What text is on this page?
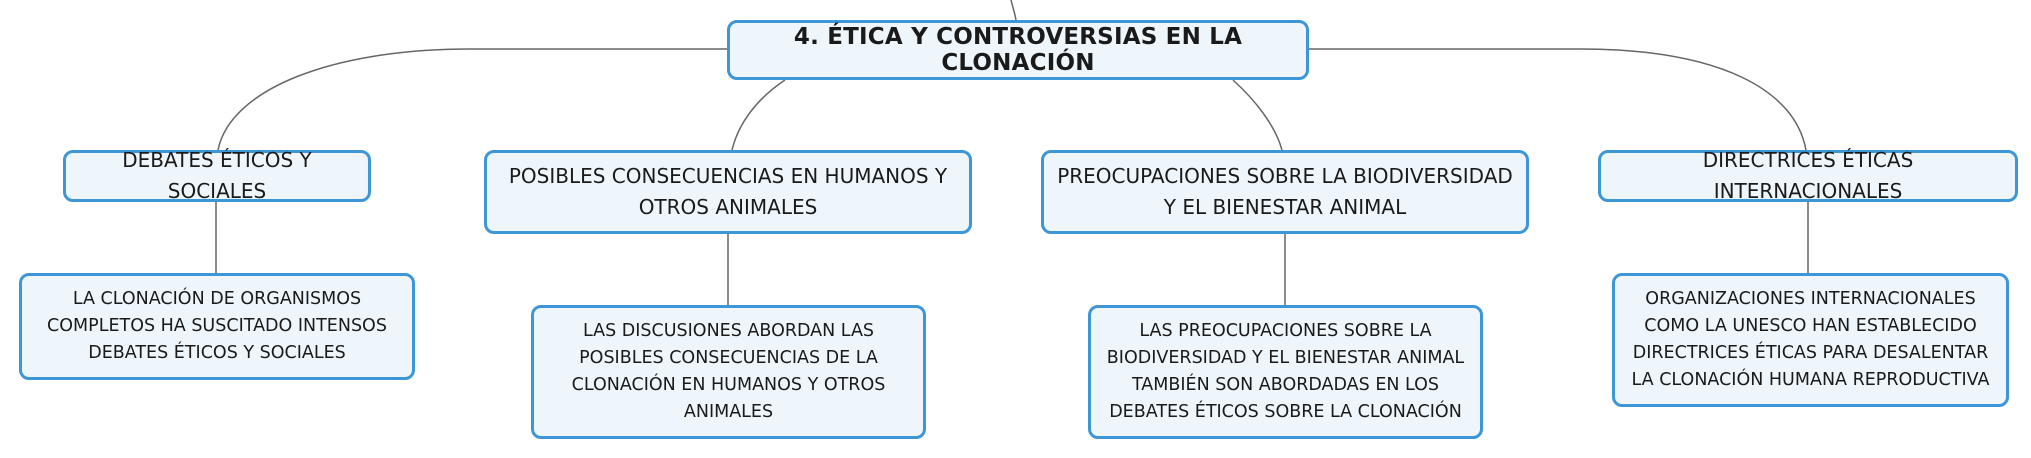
4. ÉTICA Y CONTROVERSIAS EN LA CLONACIÓN
DEBATES ÉTICOS Y SOCIALES
POSIBLES CONSECUENCIAS EN HUMANOS Y OTROS ANIMALES
PREOCUPACIONES SOBRE LA BIODIVERSIDAD Y EL BIENESTAR ANIMAL
DIRECTRICES ÉTICAS INTERNACIONALES
LA CLONACIÓN DE ORGANISMOS COMPLETOS HA SUSCITADO INTENSOS DEBATES ÉTICOS Y SOCIALES
LAS DISCUSIONES ABORDAN LAS POSIBLES CONSECUENCIAS DE LA CLONACIÓN EN HUMANOS Y OTROS ANIMALES
LAS PREOCUPACIONES SOBRE LA BIODIVERSIDAD Y EL BIENESTAR ANIMAL TAMBIÉN SON ABORDADAS EN LOS DEBATES ÉTICOS SOBRE LA CLONACIÓN
ORGANIZACIONES INTERNACIONALES COMO LA UNESCO HAN ESTABLECIDO DIRECTRICES ÉTICAS PARA DESALENTAR LA CLONACIÓN HUMANA REPRODUCTIVA
